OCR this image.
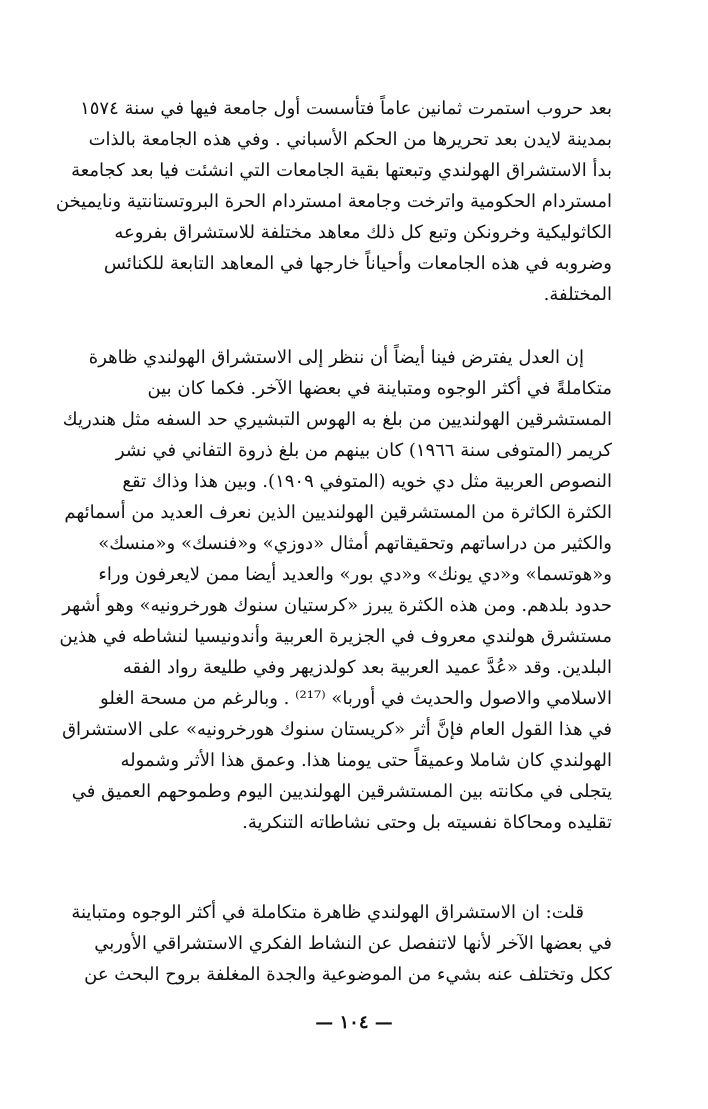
بعد حروب استمرت ثمانين عاماً فتأسست أول جامعة فيها في سنة ١٥٧٤
بمدينة لايدن بعد تحريرها من الحكم الأسباني . وفي هذه الجامعة بالذات
بدأ الاستشراق الهولندي وتبعتها بقية الجامعات التي انشئت فيا بعد كجامعة
امستردام الحكومية واترخت وجامعة امستردام الحرة البروتستانتية ونايميخن
الكاثوليكية وخرونكن وتبع كل ذلك معاهد مختلفة للاستشراق بفروعه
وضروبه في هذه الجامعات وأحياناً خارجها في المعاهد التابعة للكنائس
المختلفة.
إن العدل يفترض فينا أيضاً أن ننظر إلى الاستشراق الهولندي ظاهرة
متكاملةً في أكثر الوجوه ومتباينة في بعضها الآخر. فكما كان بين
المستشرقين الهولنديين من بلغ به الهوس التبشيري حد السفه مثل هندريك
كريمر (المتوفى سنة ١٩٦٦) كان بينهم من بلغ ذروة التفاني في نشر
النصوص العربية مثل دي خويه (المتوفي ١٩٠٩). وبين هذا وذاك تقع
الكثرة الكاثرة من المستشرقين الهولنديين الذين نعرف العديد من أسمائهم
والكثير من دراساتهم وتحقيقاتهم أمثال «دوزي» و«فنسك» و«منسك»
و«هوتسما» و«دي يونك» و«دي بور» والعديد أيضا ممن لايعرفون وراء
حدود بلدهم. ومن هذه الكثرة يبرز «كرستيان سنوك هورخرونيه» وهو أشهر
مستشرق هولندي معروف في الجزيرة العربية وأندونيسيا لنشاطه في هذين
البلدين. وقد «عُدَّ عميد العربية بعد كولدزيهر وفي طليعة رواد الفقه
الاسلامي والاصول والحديث في أوربا» ⁽²¹⁷⁾ . وبالرغم من مسحة الغلو
في هذا القول العام فإنَّ أثر «كريستان سنوك هورخرونيه» على الاستشراق
الهولندي كان شاملا وعميقاً حتى يومنا هذا. وعمق هذا الأثر وشموله
يتجلى في مكانته بين المستشرقين الهولنديين اليوم وطموحهم العميق في
تقليده ومحاكاة نفسيته بل وحتى نشاطاته التنكرية.
قلت: ان الاستشراق الهولندي ظاهرة متكاملة في أكثر الوجوه ومتباينة
في بعضها الآخر لأنها لاتنفصل عن النشاط الفكري الاستشراقي الأوربي
ككل وتختلف عنه بشيء من الموضوعية والجدة المغلفة بروح البحث عن
— ١٠٤ —
